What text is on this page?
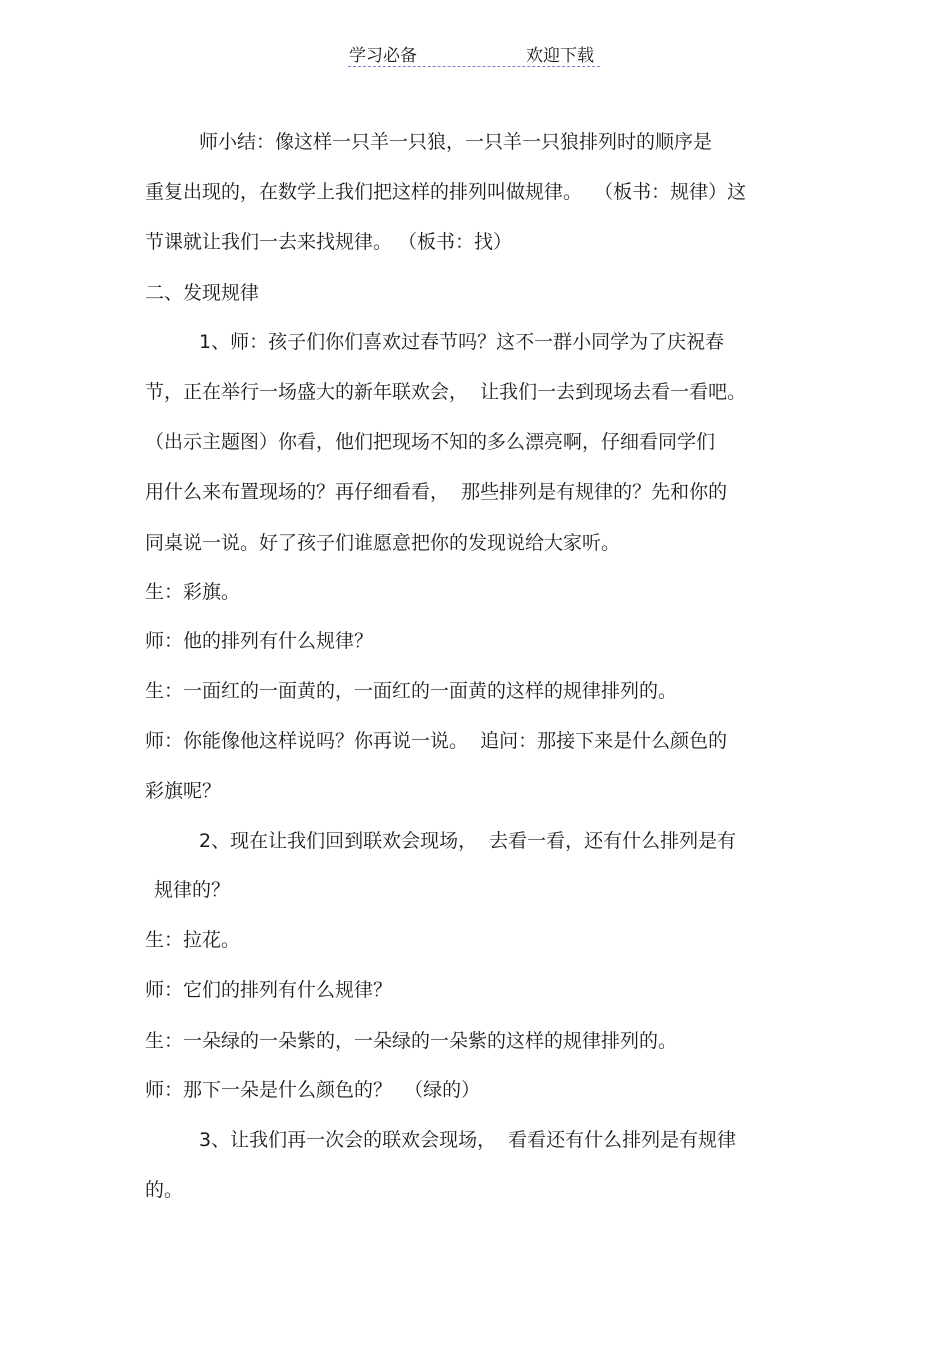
学习必备	欢迎下载
师小结：像这样一只羊一只狼，一只羊一只狼排列时的顺序是
重复出现的，在数学上我们把这样的排列叫做规律。  （板书：规律）这
节课就让我们一去来找规律。 （板书：找）
二、发现规律
1、师：孩子们你们喜欢过春节吗？这不一群小同学为了庆祝春
节，正在举行一场盛大的新年联欢会，  让我们一去到现场去看一看吧。
（出示主题图）你看，他们把现场不知的多么漂亮啊，仔细看同学们
用什么来布置现场的？再仔细看看，  那些排列是有规律的？先和你的
同桌说一说。好了孩子们谁愿意把你的发现说给大家听。
生：彩旗。
师：他的排列有什么规律？
生：一面红的一面黄的，一面红的一面黄的这样的规律排列的。
师：你能像他这样说吗？你再说一说。  追问：那接下来是什么颜色的
彩旗呢？
2、现在让我们回到联欢会现场，  去看一看，还有什么排列是有
规律的？
生：拉花。
师：它们的排列有什么规律？
生：一朵绿的一朵紫的，一朵绿的一朵紫的这样的规律排列的。
师：那下一朵是什么颜色的？  （绿的）
3、让我们再一次会的联欢会现场，  看看还有什么排列是有规律
的。
